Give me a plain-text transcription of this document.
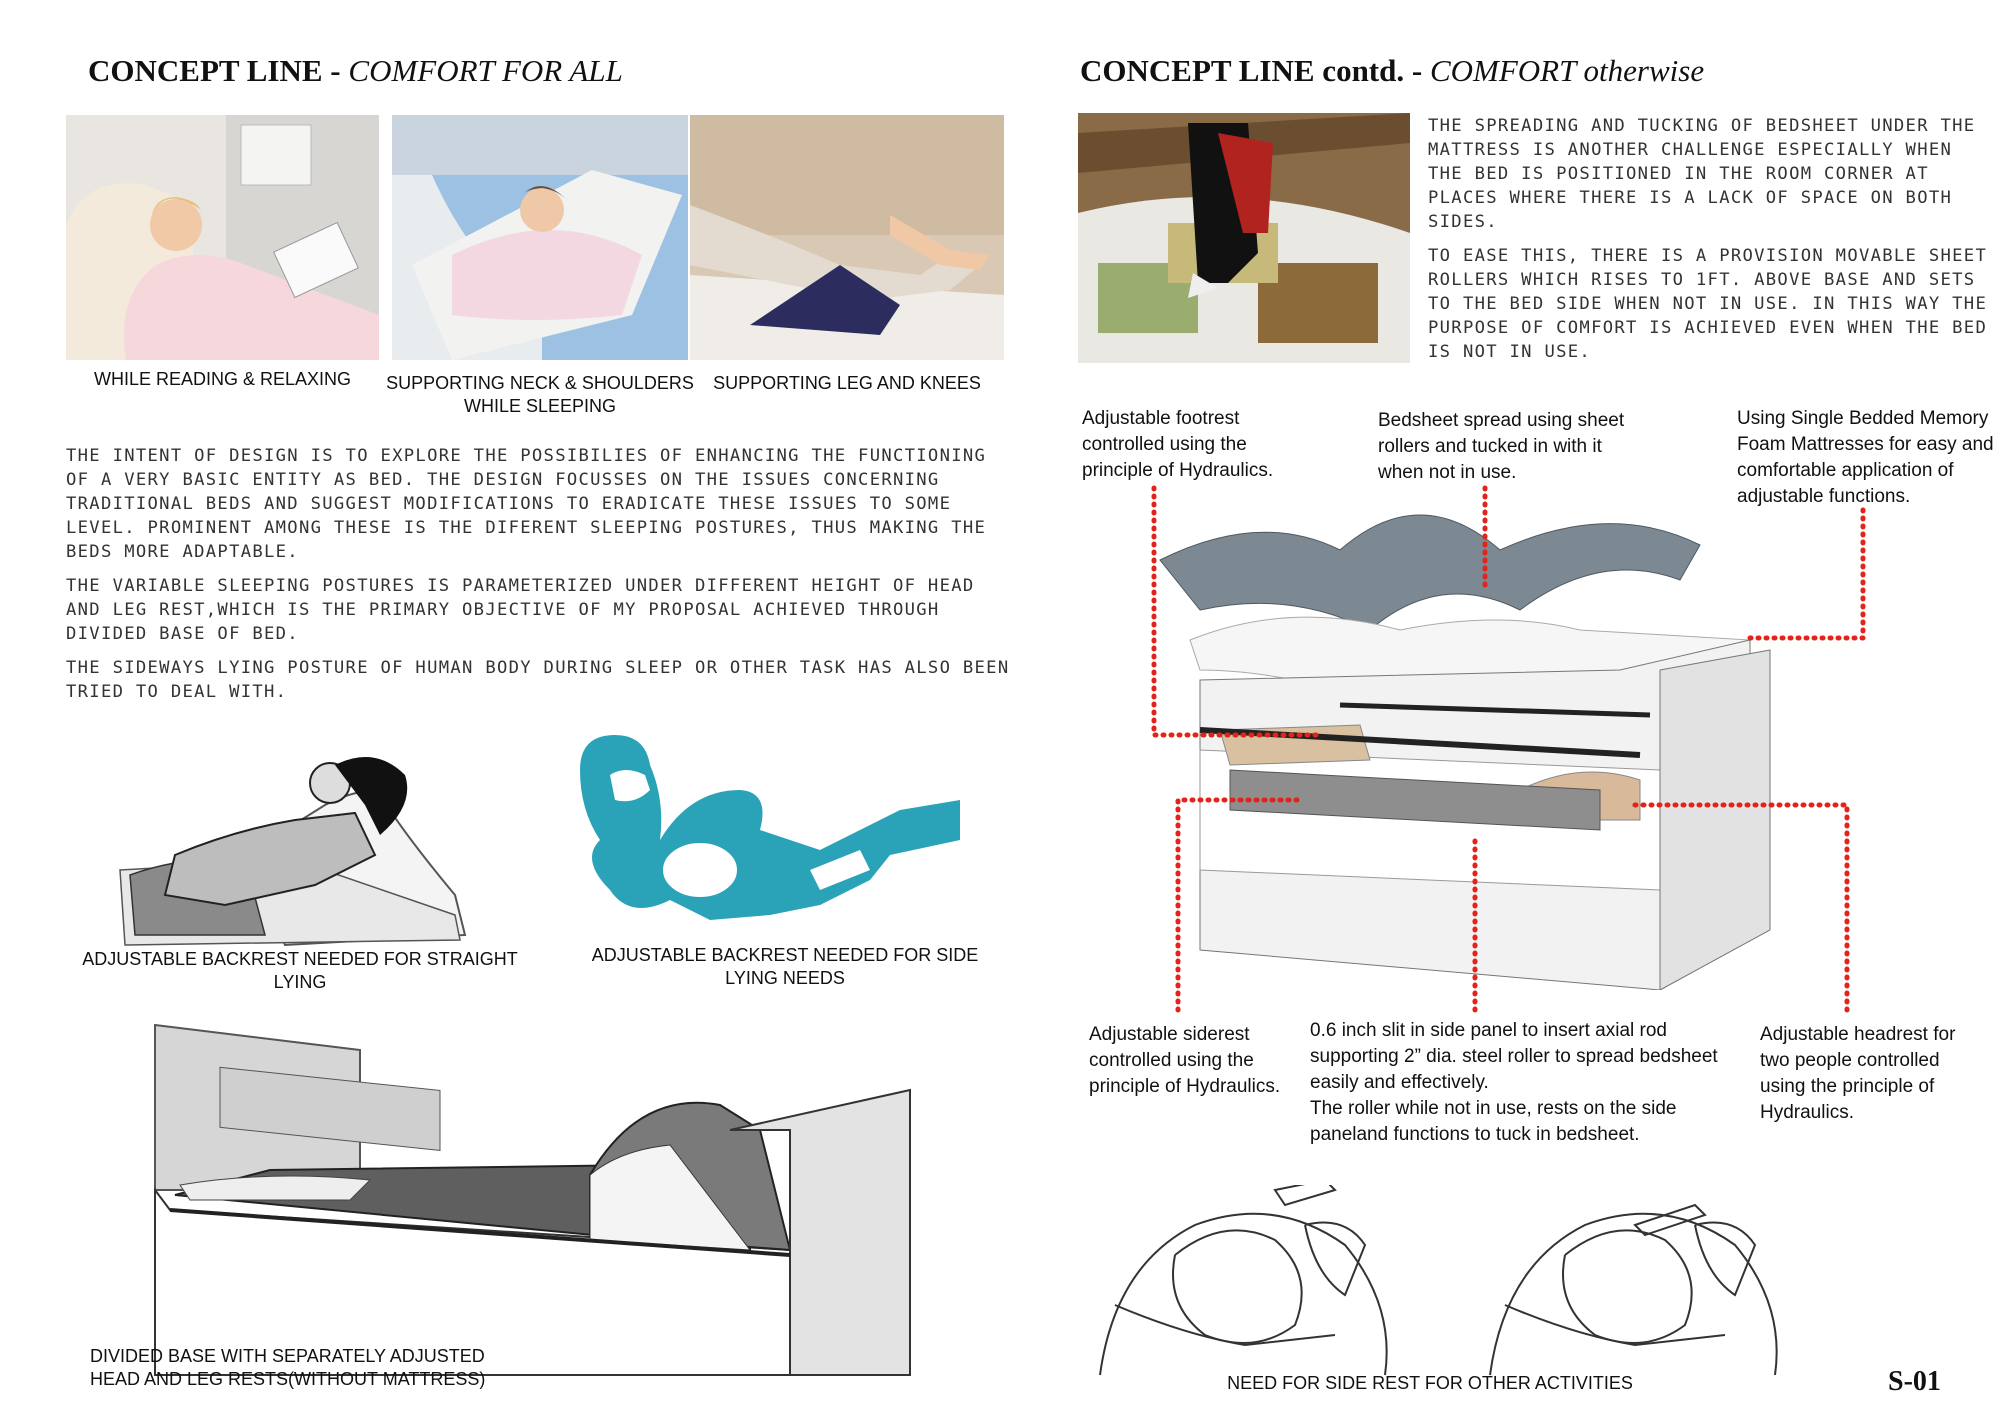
CONCEPT LINE - COMFORT FOR ALL
WHILE READING & RELAXING	SUPPORTING NECK & SHOULDERS WHILE SLEEPING
SUPPORTING LEG AND KNEES

THE INTENT OF DESIGN IS TO EXPLORE THE POSSIBILIES OF ENHANCING THE FUNCTIONING OF A VERY BASIC ENTITY AS BED. THE DESIGN FOCUSSES ON THE ISSUES CONCERNING TRADITIONAL BEDS AND SUGGEST MODIFICATIONS TO ERADICATE THESE ISSUES TO SOME LEVEL. PROMINENT AMONG THESE IS THE DIFERENT SLEEPING POSTURES, THUS MAKING THE BEDS MORE ADAPTABLE.

THE VARIABLE SLEEPING POSTURES IS PARAMETERIZED UNDER DIFFERENT HEIGHT OF HEAD AND LEG REST,WHICH IS THE PRIMARY OBJECTIVE OF MY PROPOSAL ACHIEVED THROUGH DIVIDED BASE OF BED.

THE SIDEWAYS LYING POSTURE OF HUMAN BODY DURING SLEEP OR OTHER TASK HAS ALSO BEEN TRIED TO DEAL WITH.

ADJUSTABLE BACKREST NEEDED FOR STRAIGHT LYING
ADJUSTABLE BACKREST NEEDED FOR SIDE LYING NEEDS
DIVIDED BASE WITH SEPARATELY ADJUSTED HEAD AND LEG RESTS(WITHOUT MATTRESS)
CONCEPT LINE contd. - COMFORT otherwise

THE SPREADING AND TUCKING OF BEDSHEET UNDER THE MATTRESS IS ANOTHER CHALLENGE ESPECIALLY WHEN THE BED IS POSITIONED IN THE ROOM CORNER AT PLACES WHERE THERE IS A LACK OF SPACE ON BOTH SIDES.

TO EASE THIS, THERE IS A PROVISION MOVABLE SHEET ROLLERS WHICH RISES TO 1FT. ABOVE BASE AND SETS TO THE BED SIDE WHEN NOT IN USE. IN THIS WAY THE PURPOSE OF COMFORT IS ACHIEVED EVEN WHEN THE BED IS NOT IN USE.

Adjustable footrest controlled using the principle of Hydraulics.
Bedsheet spread using sheet rollers and tucked in with it when not in use.
Using Single Bedded Memory Foam Mattresses for easy and comfortable application of adjustable functions.
Adjustable siderest controlled using the principle of Hydraulics.
0.6 inch slit in side panel to insert axial rod supporting 2” dia. steel roller to spread bedsheet easily and effectively.
The roller while not in use, rests on the side paneland functions to tuck in bedsheet.
Adjustable headrest for two people controlled using the principle of Hydraulics.
NEED FOR SIDE REST FOR OTHER ACTIVITIES	S-01
